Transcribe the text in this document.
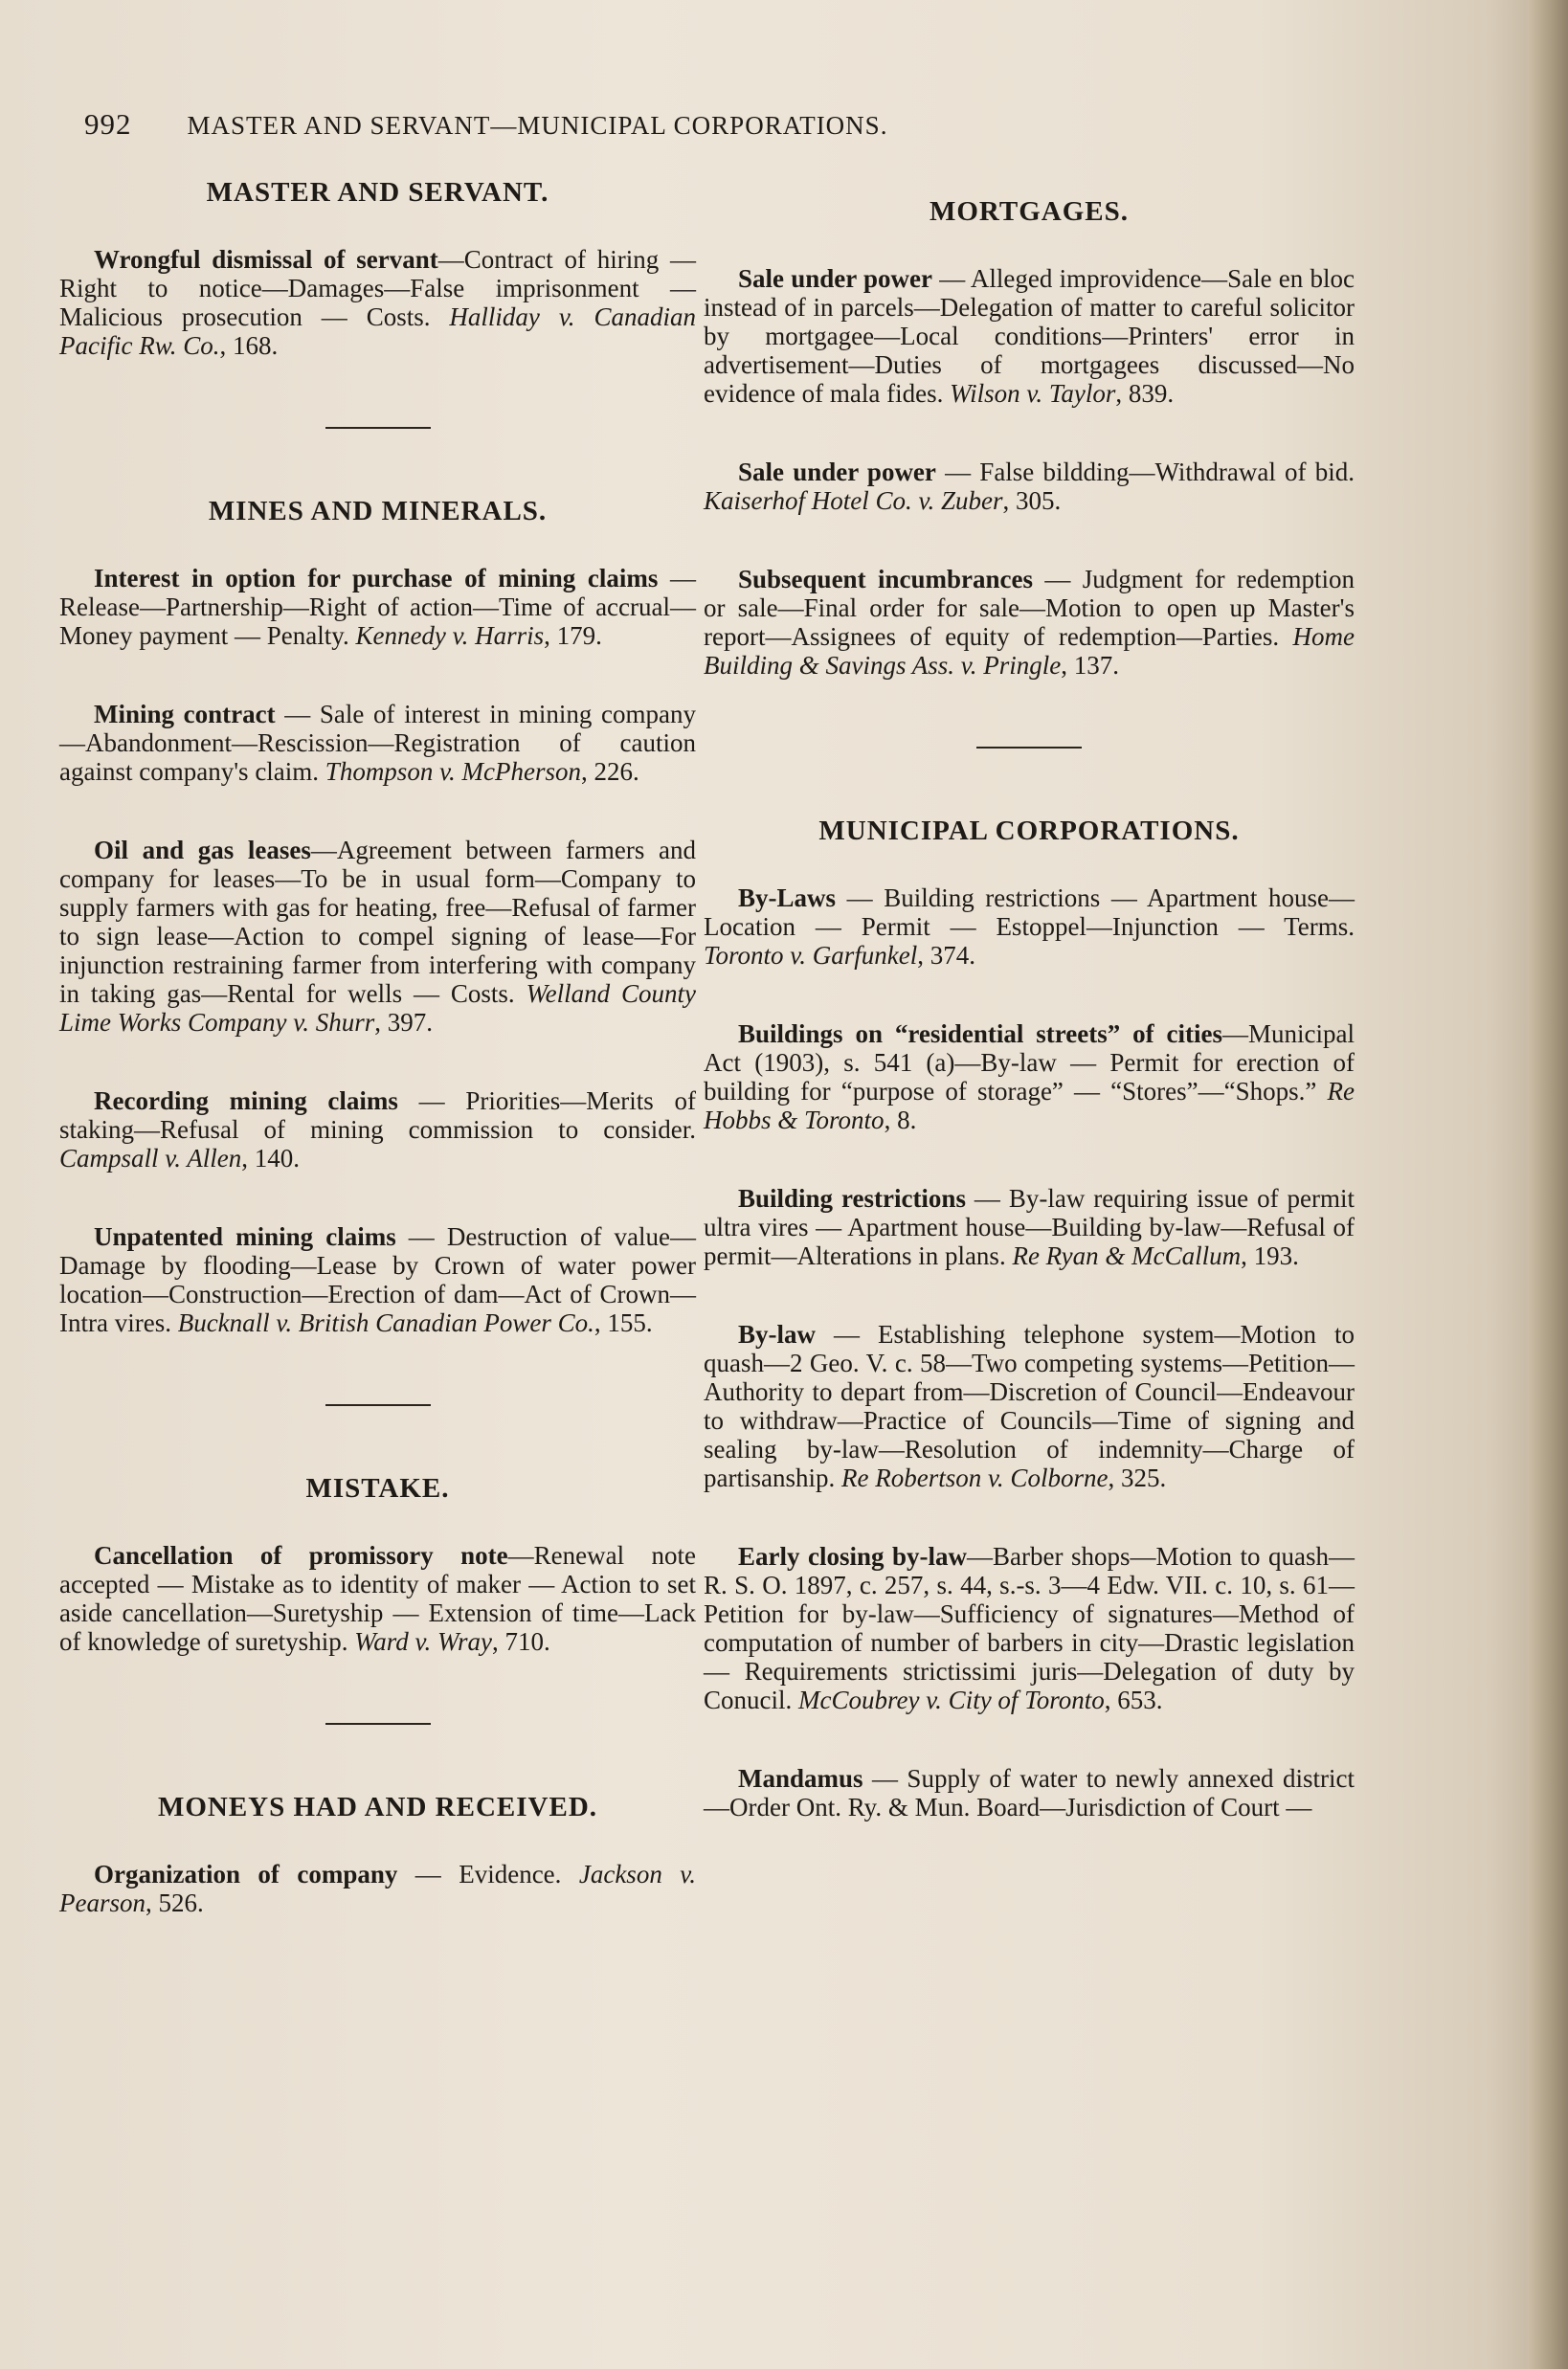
992 MASTER AND SERVANT—MUNICIPAL CORPORATIONS.

MASTER AND SERVANT.

Wrongful dismissal of servant—Contract of hiring — Right to notice—Damages—False imprisonment — Malicious prosecution — Costs. Halliday v. Canadian Pacific Rw. Co., 168.

MINES AND MINERALS.

Interest in option for purchase of mining claims — Release—Partnership—Right of action—Time of accrual—Money payment — Penalty. Kennedy v. Harris, 179.

Mining contract — Sale of interest in mining company—Abandonment—Rescission—Registration of caution against company's claim. Thompson v. McPherson, 226.

Oil and gas leases—Agreement between farmers and company for leases—To be in usual form—Company to supply farmers with gas for heating, free—Refusal of farmer to sign lease—Action to compel signing of lease—For injunction restraining farmer from interfering with company in taking gas—Rental for wells — Costs. Welland County Lime Works Company v. Shurr, 397.

Recording mining claims — Priorities—Merits of staking—Refusal of mining commission to consider. Campsall v. Allen, 140.

Unpatented mining claims — Destruction of value—Damage by flooding—Lease by Crown of water power location—Construction—Erection of dam—Act of Crown—Intra vires. Bucknall v. British Canadian Power Co., 155.

MISTAKE.

Cancellation of promissory note—Renewal note accepted — Mistake as to identity of maker — Action to set aside cancellation—Suretyship — Extension of time—Lack of knowledge of suretyship. Ward v. Wray, 710.

MONEYS HAD AND RECEIVED.

Organization of company — Evidence. Jackson v. Pearson, 526.

MORTGAGES.

Sale under power — Alleged improvidence—Sale en bloc instead of in parcels—Delegation of matter to careful solicitor by mortgagee—Local conditions—Printers' error in advertisement—Duties of mortgagees discussed—No evidence of mala fides. Wilson v. Taylor, 839.

Sale under power — False bildding—Withdrawal of bid. Kaiserhof Hotel Co. v. Zuber, 305.

Subsequent incumbrances — Judgment for redemption or sale—Final order for sale—Motion to open up Master's report—Assignees of equity of redemption—Parties. Home Building & Savings Ass. v. Pringle, 137.

MUNICIPAL CORPORATIONS.

By-Laws — Building restrictions — Apartment house—Location — Permit — Estoppel—Injunction — Terms. Toronto v. Garfunkel, 374.

Buildings on “residential streets” of cities—Municipal Act (1903), s. 541 (a)—By-law — Permit for erection of building for “purpose of storage” — “Stores”—“Shops.” Re Hobbs & Toronto, 8.

Building restrictions — By-law requiring issue of permit ultra vires — Apartment house—Building by-law—Refusal of permit—Alterations in plans. Re Ryan & McCallum, 193.

By-law — Establishing telephone system—Motion to quash—2 Geo. V. c. 58—Two competing systems—Petition—Authority to depart from—Discretion of Council—Endeavour to withdraw—Practice of Councils—Time of signing and sealing by-law—Resolution of indemnity—Charge of partisanship. Re Robertson v. Colborne, 325.

Early closing by-law—Barber shops—Motion to quash—R. S. O. 1897, c. 257, s. 44, s.-s. 3—4 Edw. VII. c. 10, s. 61—Petition for by-law—Sufficiency of signatures—Method of computation of number of barbers in city—Drastic legislation — Requirements strictissimi juris—Delegation of duty by Conucil. McCoubrey v. City of Toronto, 653.

Mandamus — Supply of water to newly annexed district—Order Ont. Ry. & Mun. Board—Jurisdiction of Court —
